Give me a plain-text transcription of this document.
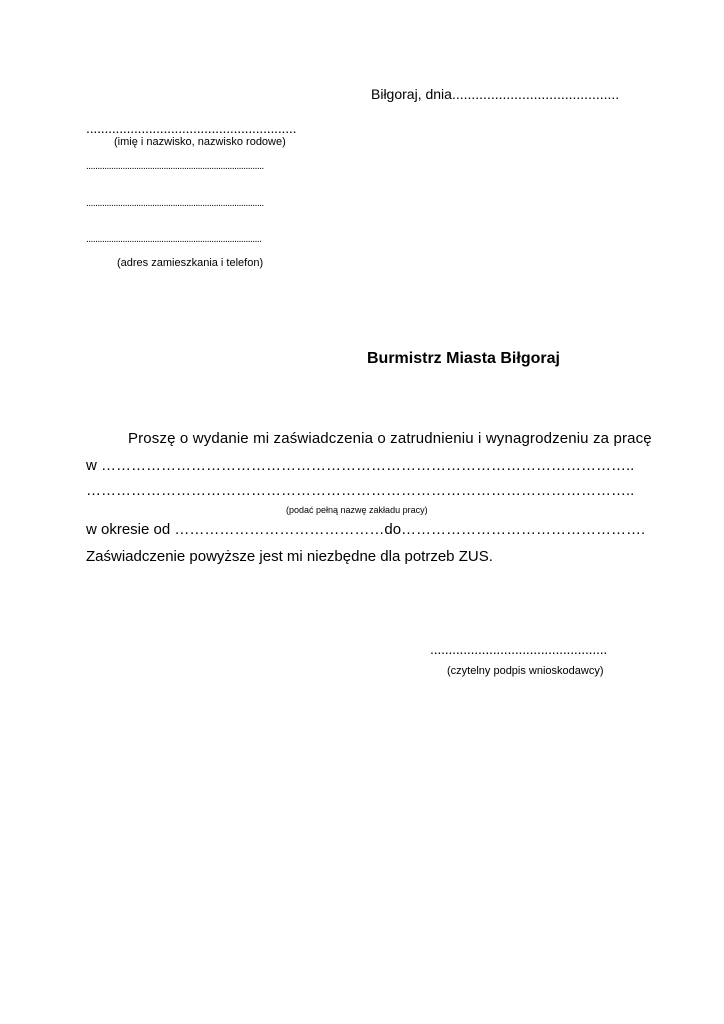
Biłgoraj, dnia...........................................
.........................................................
(imię i nazwisko, nazwisko rodowe)
..............................................................................
..............................................................................
.............................................................................
(adres zamieszkania i telefon)
Burmistrz Miasta Biłgoraj
Proszę o wydanie mi zaświadczenia o zatrudnieniu i wynagrodzeniu za pracę
w ……………………………………………………………………………………………..
………………………………………………………………………………………………..
(podać pełną nazwę zakładu pracy)
w okresie od ……………………………………do………………………………………….
Zaświadczenie powyższe jest mi niezbędne dla potrzeb ZUS.
................................................
(czytelny podpis wnioskodawcy)
